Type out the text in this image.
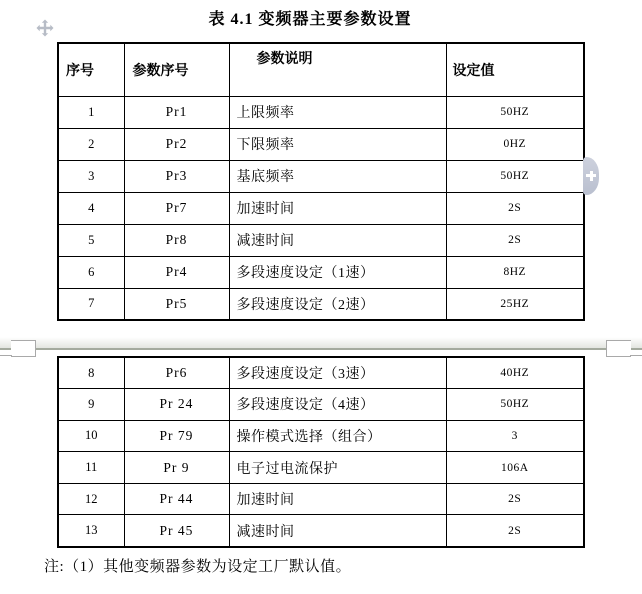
表 4.1 变频器主要参数设置
序号	参数序号	参数说明	设定值
1	Pr1	上限频率	50HZ
2	Pr2	下限频率	0HZ
3	Pr3	基底频率	50HZ
4	Pr7	加速时间	2S
5	Pr8	减速时间	2S
6	Pr4	多段速度设定（1速）	8HZ
7	Pr5	多段速度设定（2速）	25HZ
8	Pr6	多段速度设定（3速）	40HZ
9	Pr 24	多段速度设定（4速）	50HZ
10	Pr 79	操作模式选择（组合）	3
11	Pr 9	电子过电流保护	106A
12	Pr 44	加速时间	2S
13	Pr 45	减速时间	2S
注:（1）其他变频器参数为设定工厂默认值。
